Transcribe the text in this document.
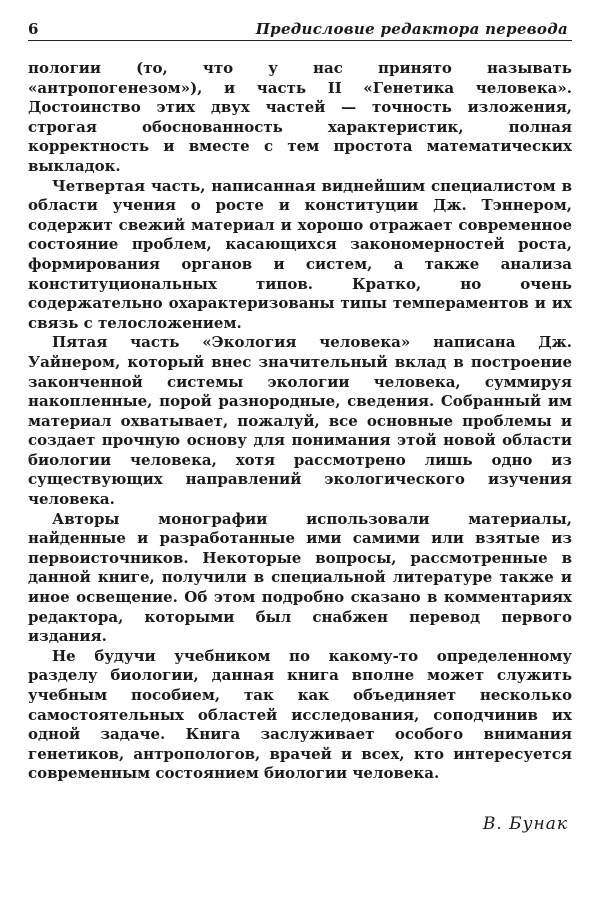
6	Предисловие редактора перевода

пологии (то, что у нас принято называть «антропогенезом»), и часть II «Генетика человека». Достоинство этих двух частей — точность изложения, строгая обоснованность характеристик, полная корректность и вместе с тем простота математических выкладок.

Четвертая часть, написанная виднейшим специалистом в области учения о росте и конституции Дж. Тэннером, содержит свежий материал и хорошо отражает современное состояние проблем, касающихся закономерностей роста, формирования органов и систем, а также анализа конституциональных типов. Кратко, но очень содержательно охарактеризованы типы темпераментов и их связь с телосложением.

Пятая часть «Экология человека» написана Дж. Уайнером, который внес значительный вклад в построение законченной системы экологии человека, суммируя накопленные, порой разнородные, сведения. Собранный им материал охватывает, пожалуй, все основные проблемы и создает прочную основу для понимания этой новой области биологии человека, хотя рассмотрено лишь одно из существующих направлений экологического изучения человека.

Авторы монографии использовали материалы, найденные и разработанные ими самими или взятые из первоисточников. Некоторые вопросы, рассмотренные в данной книге, получили в специальной литературе также и иное освещение. Об этом подробно сказано в комментариях редактора, которыми был снабжен перевод первого издания.

Не будучи учебником по какому-то определенному разделу биологии, данная книга вполне может служить учебным пособием, так как объединяет несколько самостоятельных областей исследования, соподчинив их одной задаче. Книга заслуживает особого внимания генетиков, антропологов, врачей и всех, кто интересуется современным состоянием биологии человека.

В. Бунак
